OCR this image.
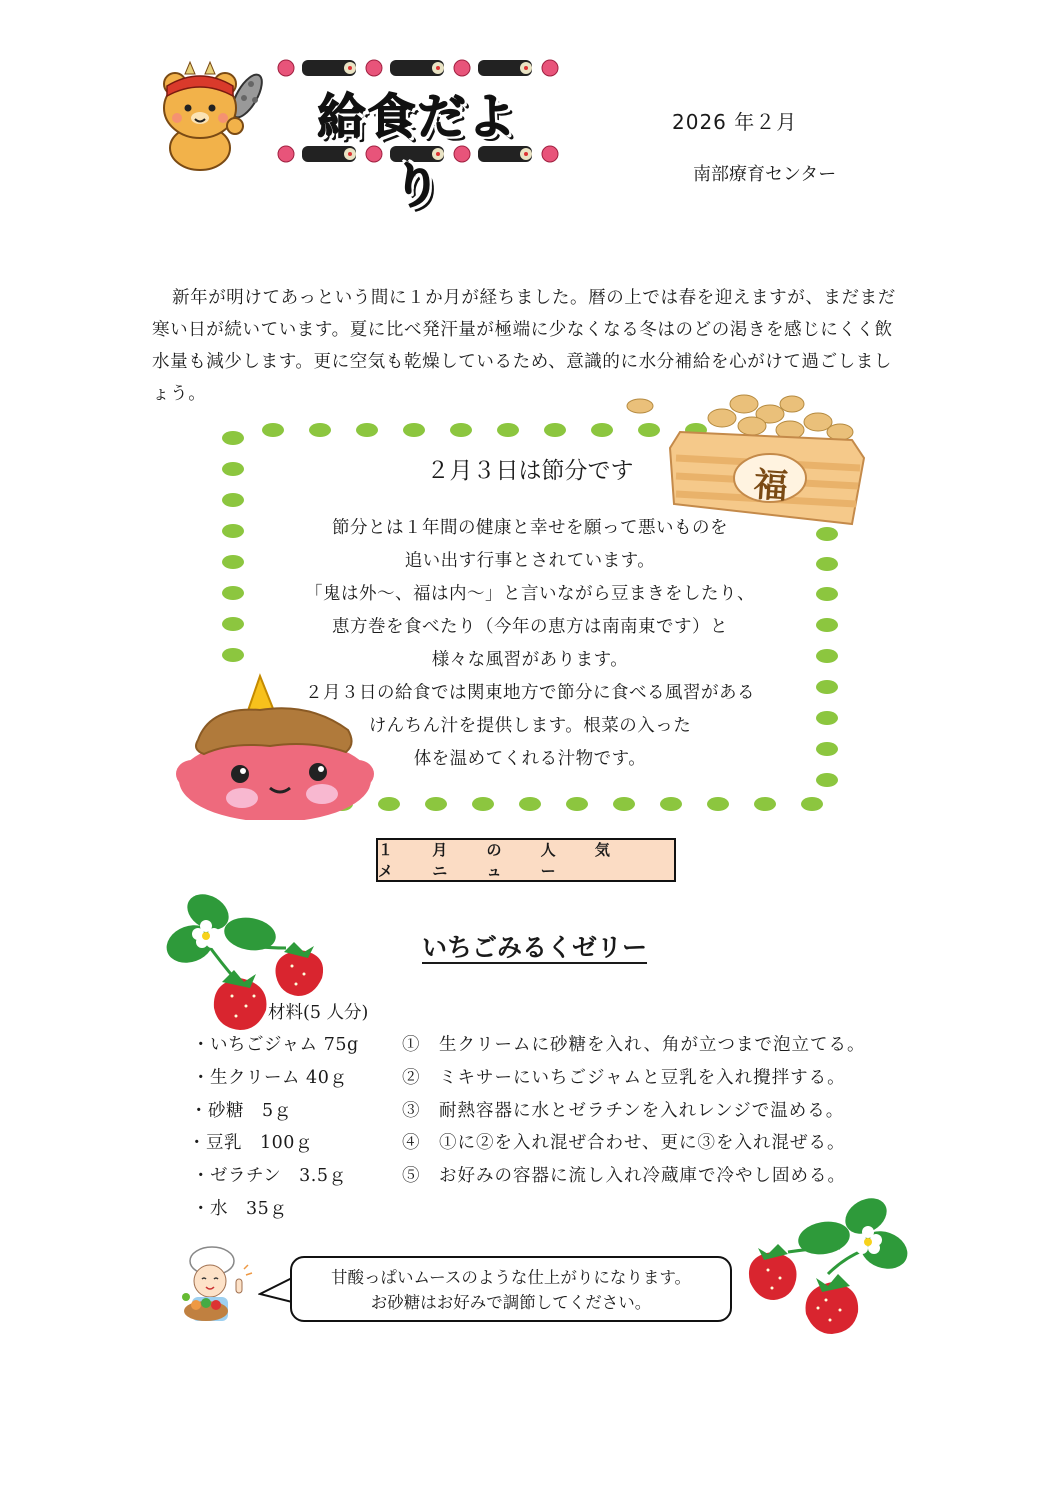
給食だより
2026 年２月
南部療育センター

新年が明けてあっという間に１か月が経ちました。暦の上では春を迎えますが、まだまだ寒い日が続いています。夏に比べ発汗量が極端に少なくなる冬はのどの渇きを感じにくく飲水量も減少します。更に空気も乾燥しているため、意識的に水分補給を心がけて過ごしましょう。

福
２月３日は節分です
節分とは１年間の健康と幸せを願って悪いものを
追い出す行事とされています。
「鬼は外～、福は内～」と言いながら豆まきをしたり、
恵方巻を食べたり（今年の恵方は南南東です）と
様々な風習があります。
２月３日の給食では関東地方で節分に食べる風習がある
けんちん汁を提供します。根菜の入った
体を温めてくれる汁物です。
１ 月 の 人 気 メ ニ ュ ー
いちごみるくゼリー
材料(5 人分)
・いちごジャム 75g
・生クリーム 40ｇ
・砂糖　5ｇ
・豆乳　100ｇ
・ゼラチン　3.5ｇ
・水　35ｇ
①　生クリームに砂糖を入れ、角が立つまで泡立てる。
②　ミキサーにいちごジャムと豆乳を入れ攪拌する。
③　耐熱容器に水とゼラチンを入れレンジで温める。
④　①に②を入れ混ぜ合わせ、更に③を入れ混ぜる。
⑤　お好みの容器に流し入れ冷蔵庫で冷やし固める。
甘酸っぱいムースのような仕上がりになります。
お砂糖はお好みで調節してください。
